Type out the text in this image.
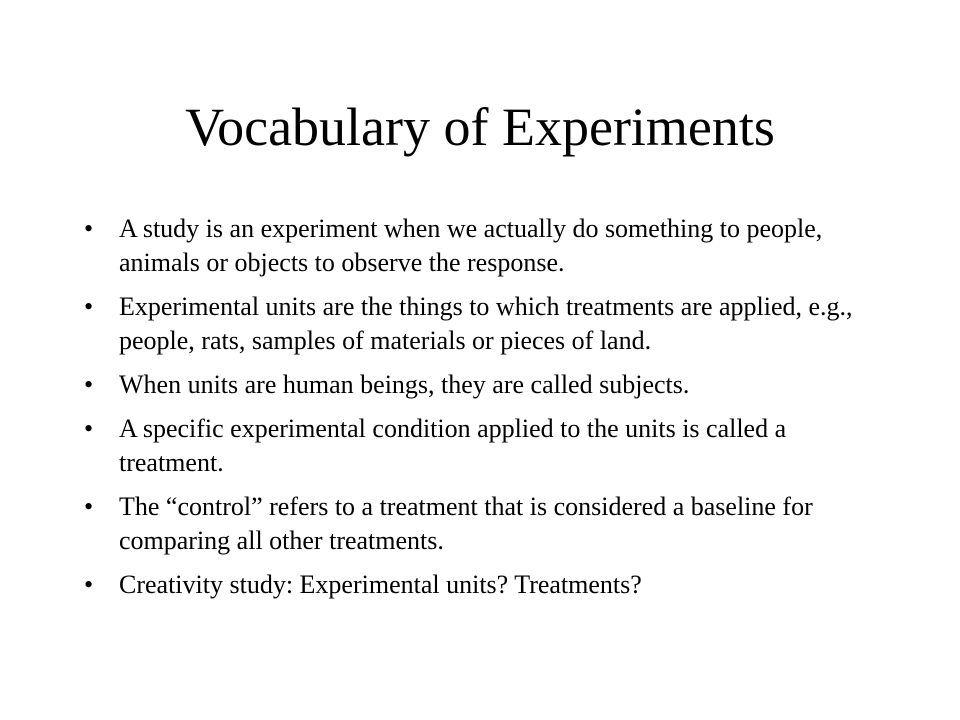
Vocabulary of Experiments
• A study is an experiment when we actually do something to people, animals or objects to observe the response.
• Experimental units are the things to which treatments are applied, e.g., people, rats, samples of materials or pieces of land.
• When units are human beings, they are called subjects.
• A specific experimental condition applied to the units is called a treatment.
• The “control” refers to a treatment that is considered a baseline for comparing all other treatments.
• Creativity study: Experimental units? Treatments?
